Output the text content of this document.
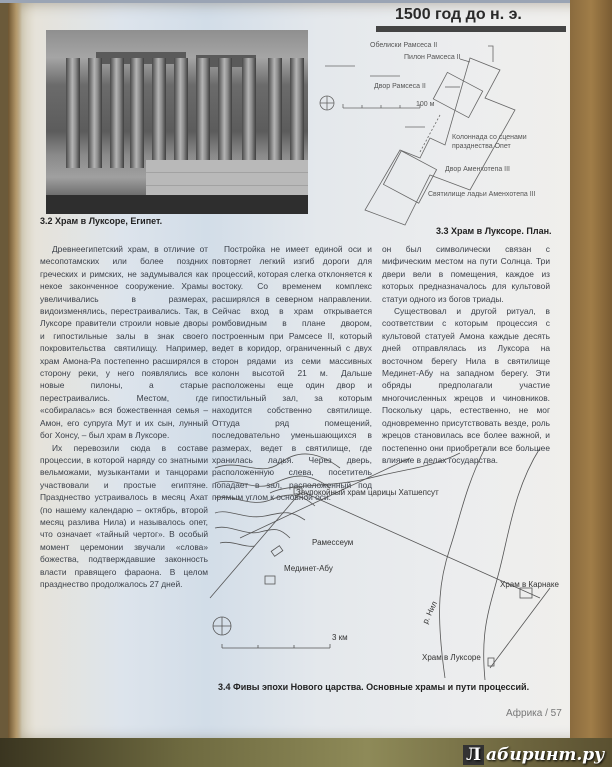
1500 год до н. э.
3.2 Храм в Луксоре, Египет.
Обелиски Рамсеса II
Пилон Рамсеса II
Двор Рамсеса II
100 м
Колоннада со сценами
празднества Опет
Двор Аменхотепа III
Святилище ладьи Аменхотепа III
3.3 Храм в Луксоре. План.

Древнеегипетский храм, в отличие от месопотамских или более поздних греческих и римских, не задумывался как некое законченное сооружение. Храмы увеличивались в размерах, видоизменялись, перестраивались. Так, в Луксоре правители строили новые дворы и гипостильные залы в знак своего покровительства святилищу. Например, храм Амона-Ра постепенно расширялся в сторону реки, у него появлялись все новые пилоны, а старые перестраивались. Местом, где «собиралась» вся божественная семья – Амон, его супруга Мут и их сын, лунный бог Хонсу, – был храм в Луксоре.

Их перевозили сюда в составе процессии, в которой наряду со знатными вельможами, музыкантами и танцорами участвовали и простые египтяне. Празднество устраивалось в месяц Ахат (по нашему календарю – октябрь, второй месяц разлива Нила) и называлось опет, что означает «тайный чертог». В особый момент церемонии звучали «слова» божества, подтверждавшие законность власти правящего фараона. В целом празднество продолжалось 27 дней.

Постройка не имеет единой оси и повторяет легкий изгиб дороги для процессий, которая слегка отклоняется к востоку. Со временем комплекс расширялся в северном направлении. Сейчас вход в храм открывается ромбовидным в плане двором, построенным при Рамсесе II, который ведет в коридор, ограниченный с двух сторон рядами из семи массивных колонн высотой 21 м. Дальше расположены еще один двор и гипостильный зал, за которым находится собственно святилище. Оттуда ряд помещений, последовательно уменьшающихся в размерах, ведет в святилище, где хранилась ладья. Через дверь, расположенную слева, посетитель попадает в зал, расположенный под прямым углом к основной оси:

он был символически связан с мифическим местом на пути Солнца. Три двери вели в помещения, каждое из которых предназначалось для культовой статуи одного из богов триады.

Существовал и другой ритуал, в соответствии с которым процессия с культовой статуей Амона каждые десять дней отправлялась из Луксора на восточном берегу Нила в святилище Мединет-Абу на западном берегу. Эти обряды предполагали участие многочисленных жрецов и чиновников. Поскольку царь, естественно, не мог одновременно присутствовать везде, роль жрецов становилась все более важной, и постепенно они приобретали все большее влияние в делах государства.

Заупокойный храм царицы Хатшепсут
Рамессеум
Мединет-Абу
Храм в Карнаке
Храм в Луксоре
р. Нил
3 км
3.4 Фивы эпохи Нового царства. Основные храмы и пути процессий.
Африка / 57
Л абиринт.ру
